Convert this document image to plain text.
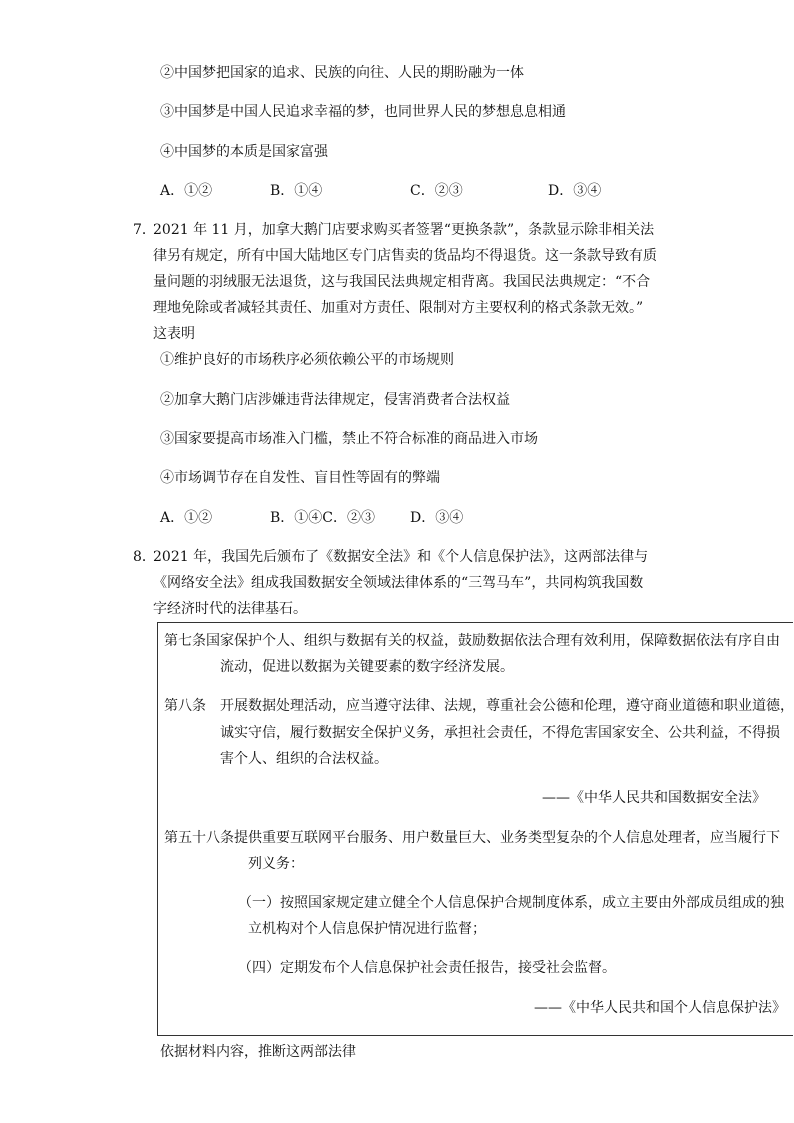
②中国梦把国家的追求、民族的向往、人民的期盼融为一体
③中国梦是中国人民追求幸福的梦，也同世界人民的梦想息息相通
④中国梦的本质是国家富强
A．①②	B．①④	C．②③	D．③④
7．
2021 年 11 月，加拿大鹅门店要求购买者签署“更换条款”，条款显示除非相关法
律另有规定，所有中国大陆地区专门店售卖的货品均不得退货。这一条款导致有质
量问题的羽绒服无法退货，这与我国民法典规定相背离。我国民法典规定：“不合
理地免除或者减轻其责任、加重对方责任、限制对方主要权利的格式条款无效。”
这表明
①维护良好的市场秩序必须依赖公平的市场规则
②加拿大鹅门店涉嫌违背法律规定，侵害消费者合法权益
③国家要提高市场准入门槛，禁止不符合标准的商品进入市场
④市场调节存在自发性、盲目性等固有的弊端
A．①②	B．①④C．②③	D．③④
8．
2021 年，我国先后颁布了《数据安全法》和《个人信息保护法》，这两部法律与
《网络安全法》组成我国数据安全领域法律体系的“三驾马车”，共同构筑我国数
字经济时代的法律基石。
第七条国家保护个人、组织与数据有关的权益，鼓励数据依法合理有效利用，保障数据依法有序自由
流动，促进以数据为关键要素的数字经济发展。
第八条　开展数据处理活动，应当遵守法律、法规，尊重社会公德和伦理，遵守商业道德和职业道德，
诚实守信，履行数据安全保护义务，承担社会责任，不得危害国家安全、公共利益，不得损
害个人、组织的合法权益。
——《中华人民共和国数据安全法》
第五十八条提供重要互联网平台服务、用户数量巨大、业务类型复杂的个人信息处理者，应当履行下
列义务：
（一）按照国家规定建立健全个人信息保护合规制度体系，成立主要由外部成员组成的独
立机构对个人信息保护情况进行监督；
（四）定期发布个人信息保护社会责任报告，接受社会监督。
——《中华人民共和国个人信息保护法》
依据材料内容，推断这两部法律
